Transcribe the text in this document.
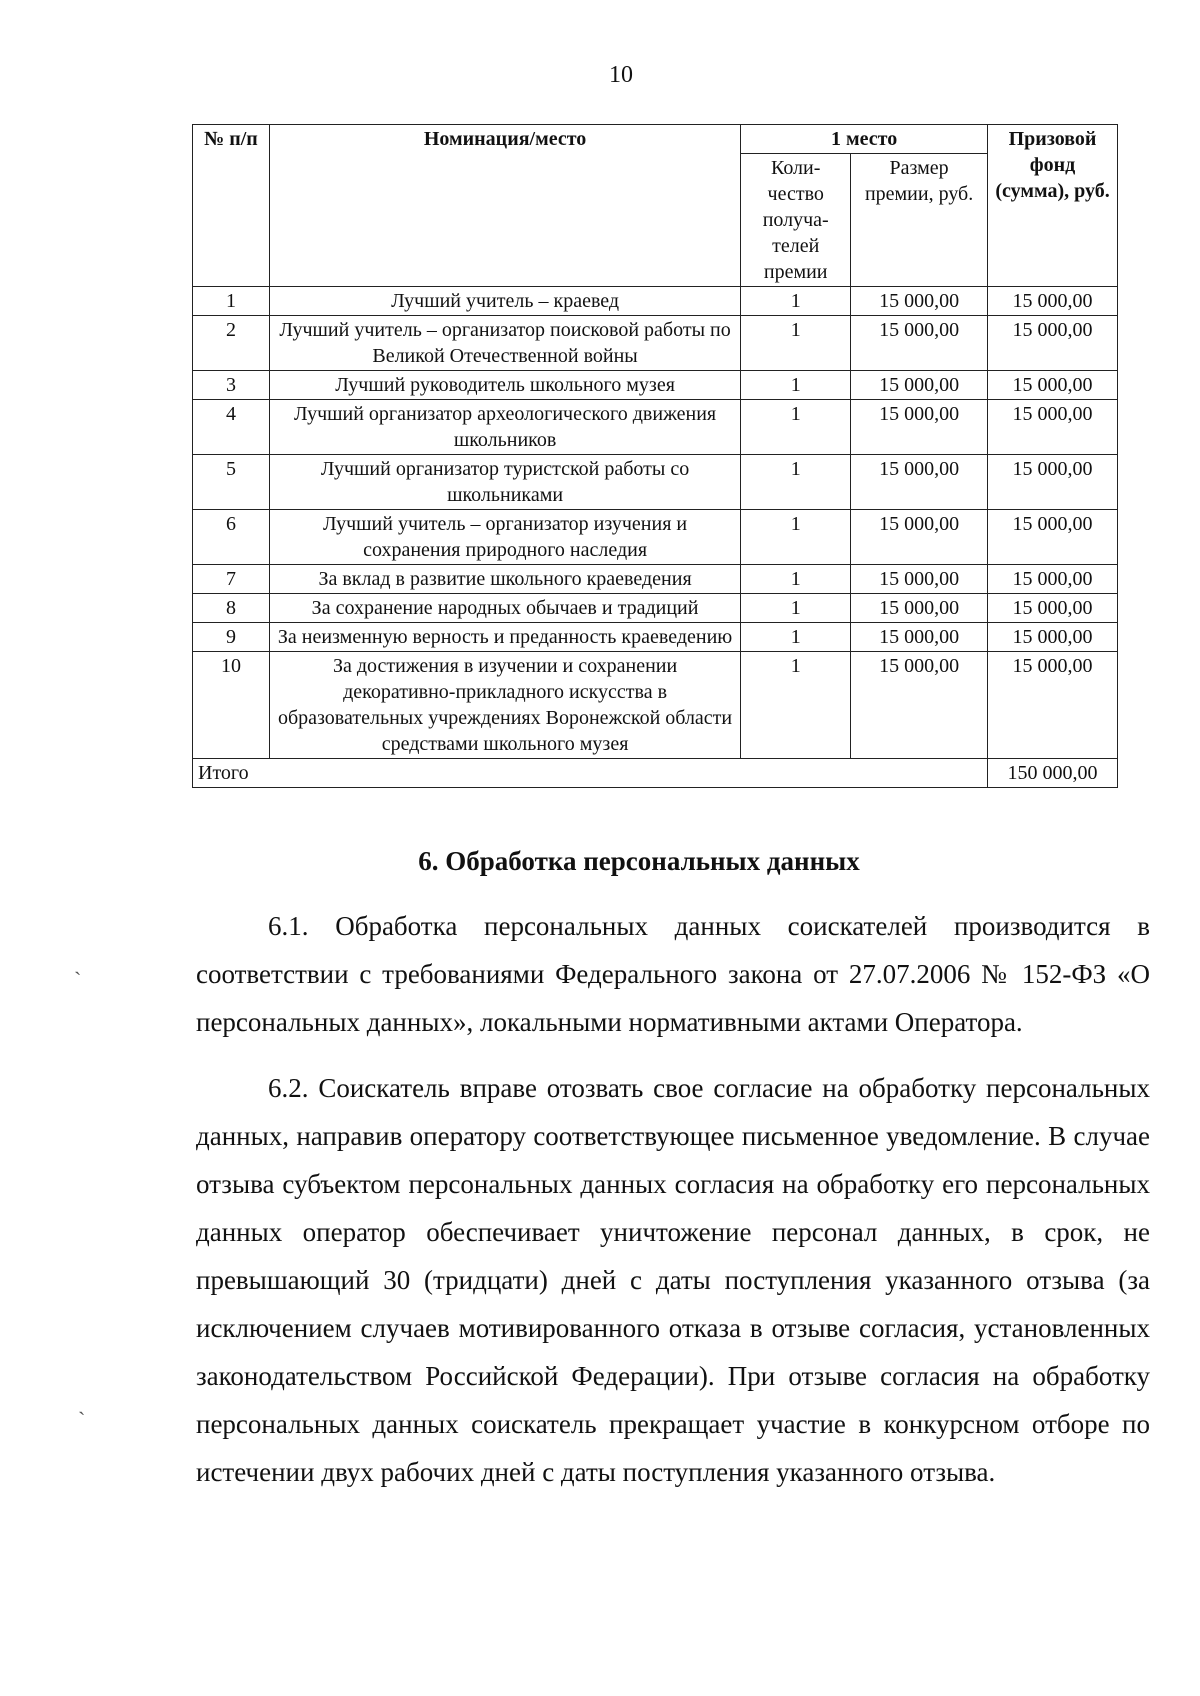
10
№ п/п	Номинация/место	1 место		Призовой фонд (сумма), руб.
		Коли-чество получа-телей премии	Размер премии, руб.	
1	Лучший учитель – краевед	1	15 000,00	15 000,00
2	Лучший учитель – организатор поисковой работы по Великой Отечественной войны	1	15 000,00	15 000,00
3	Лучший руководитель школьного музея	1	15 000,00	15 000,00
4	Лучший организатор археологического движения школьников	1	15 000,00	15 000,00
5	Лучший организатор туристской работы со школьниками	1	15 000,00	15 000,00
6	Лучший учитель – организатор изучения и сохранения природного наследия	1	15 000,00	15 000,00
7	За вклад в развитие школьного краеведения	1	15 000,00	15 000,00
8	За сохранение народных обычаев и традиций	1	15 000,00	15 000,00
9	За неизменную верность и преданность краеведению	1	15 000,00	15 000,00
10	За достижения в изучении и сохранении декоративно-прикладного искусства в образовательных учреждениях Воронежской области средствами школьного музея	1	15 000,00	15 000,00
Итого				150 000,00
6. Обработка персональных данных

6.1. Обработка персональных данных соискателей производится в соответствии с требованиями Федерального закона от 27.07.2006 № 152-ФЗ «О персональных данных», локальными нормативными актами Оператора.

6.2. Соискатель вправе отозвать свое согласие на обработку персональных данных, направив оператору соответствующее письменное уведомление. В случае отзыва субъектом персональных данных согласия на обработку его персональных данных оператор обеспечивает уничтожение персонал данных, в срок, не превышающий 30 (тридцати) дней с даты поступления указанного отзыва (за исключением случаев мотивированного отказа в отзыве согласия, установленных законодательством Российской Федерации). При отзыве согласия на обработку персональных данных соискатель прекращает участие в конкурсном отборе по истечении двух рабочих дней с даты поступления указанного отзыва.

ˏ
ˏ
